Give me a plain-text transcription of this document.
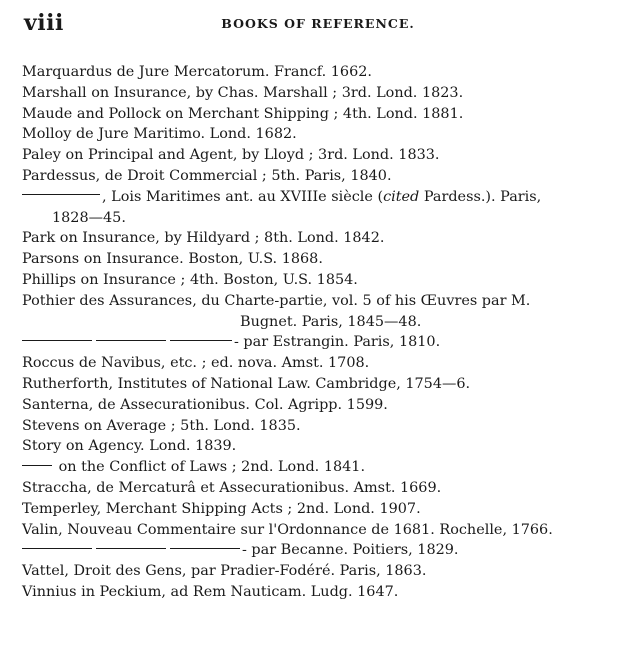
viii	BOOKS OF REFERENCE.
Marquardus de Jure Mercatorum. Francf. 1662.
Marshall on Insurance, by Chas. Marshall ; 3rd. Lond. 1823.
Maude and Pollock on Merchant Shipping ; 4th. Lond. 1881.
Molloy de Jure Maritimo. Lond. 1682.
Paley on Principal and Agent, by Lloyd ; 3rd. Lond. 1833.
Pardessus, de Droit Commercial ; 5th. Paris, 1840.
, Lois Maritimes ant. au XVIIIe siècle (cited Pardess.). Paris,
1828—45.
Park on Insurance, by Hildyard ; 8th. Lond. 1842.
Parsons on Insurance. Boston, U.S. 1868.
Phillips on Insurance ; 4th. Boston, U.S. 1854.
Pothier des Assurances, du Charte-partie, vol. 5 of his Œuvres par M.
Bugnet. Paris, 1845—48.
- par Estrangin. Paris, 1810.
Roccus de Navibus, etc. ; ed. nova. Amst. 1708.
Rutherforth, Institutes of National Law. Cambridge, 1754—6.
Santerna, de Assecurationibus. Col. Agripp. 1599.
Stevens on Average ; 5th. Lond. 1835.
Story on Agency. Lond. 1839.
on the Conflict of Laws ; 2nd. Lond. 1841.
Straccha, de Mercaturâ et Assecurationibus. Amst. 1669.
Temperley, Merchant Shipping Acts ; 2nd. Lond. 1907.
Valin, Nouveau Commentaire sur l'Ordonnance de 1681. Rochelle, 1766.
- par Becanne. Poitiers, 1829.
Vattel, Droit des Gens, par Pradier-Fodéré. Paris, 1863.
Vinnius in Peckium, ad Rem Nauticam. Ludg. 1647.
